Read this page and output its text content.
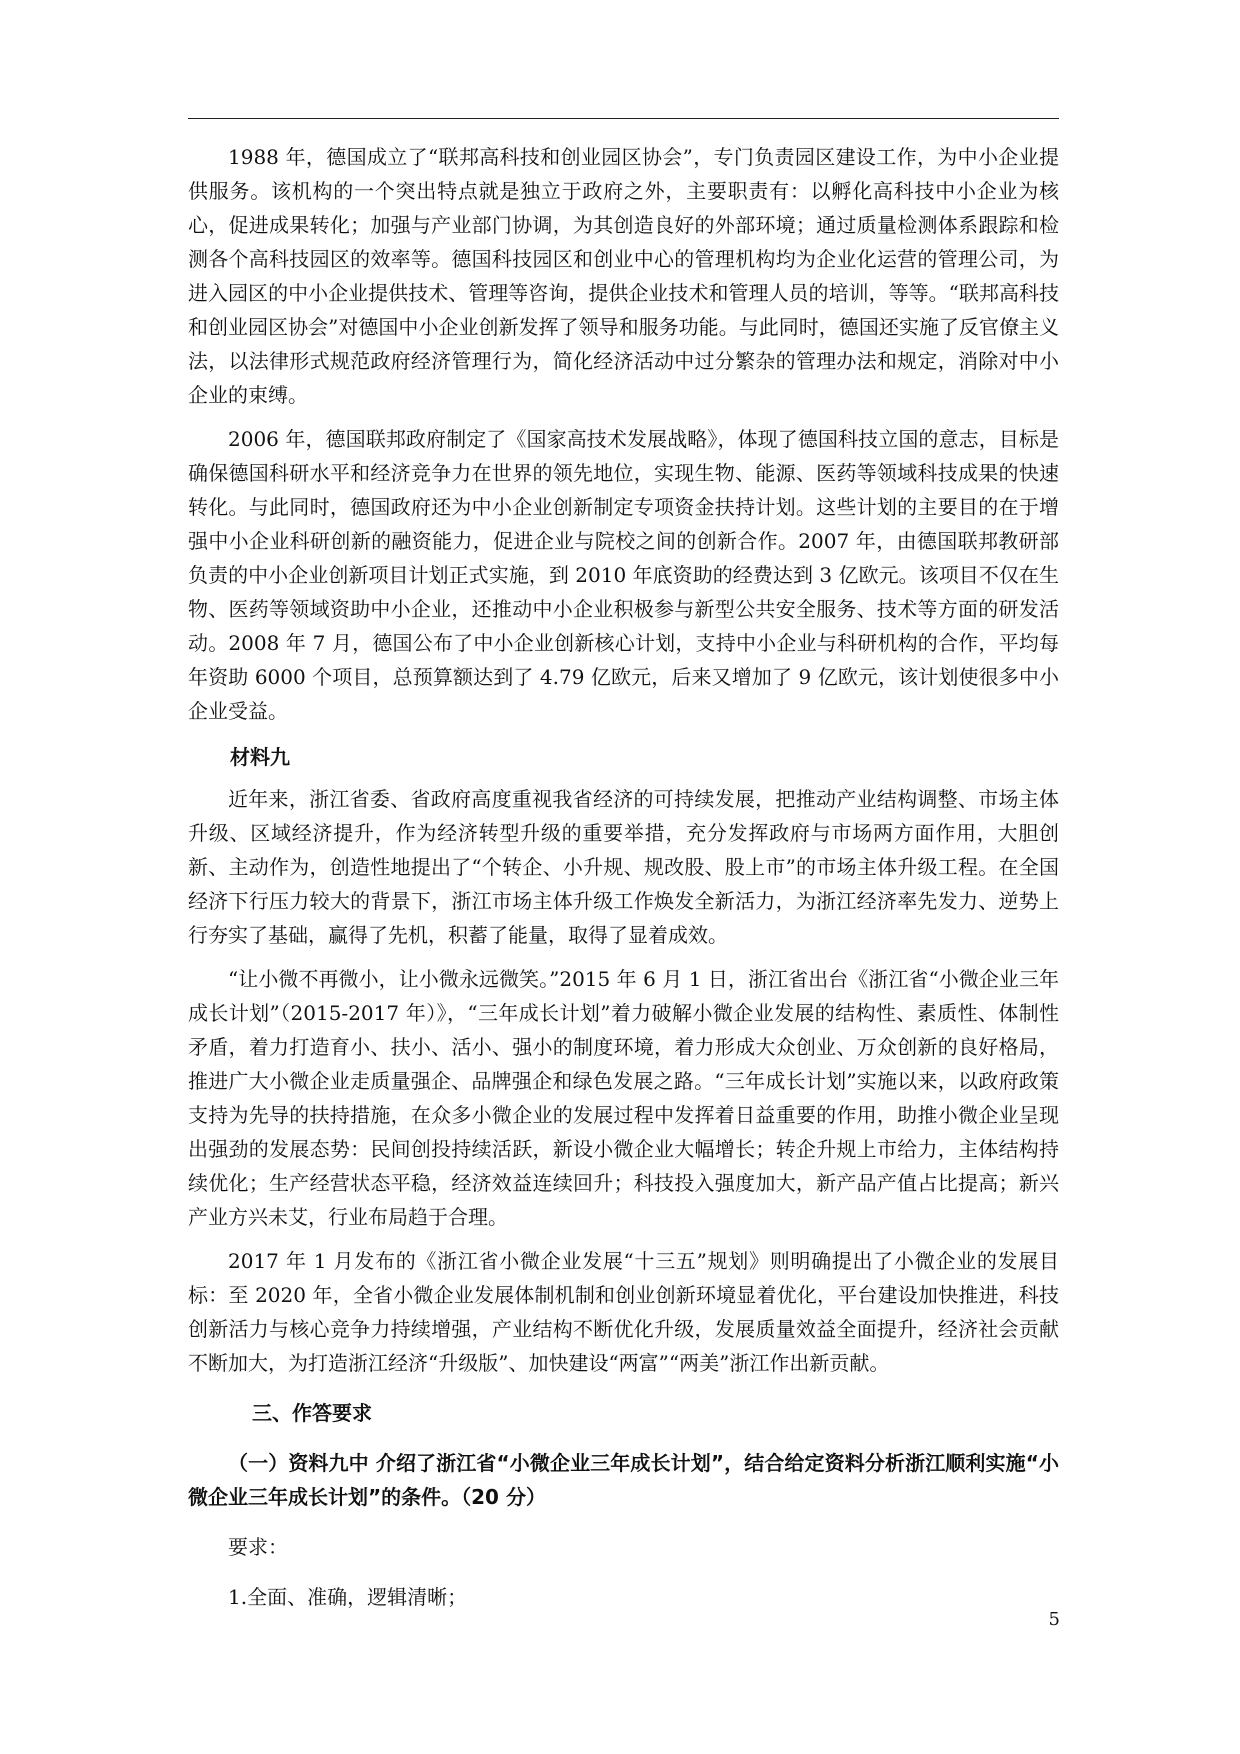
1988 年，德国成立了“联邦高科技和创业园区协会”，专门负责园区建设工作，为中小企业提供服务。该机构的一个突出特点就是独立于政府之外，主要职责有：以孵化高科技中小企业为核心，促进成果转化；加强与产业部门协调，为其创造良好的外部环境；通过质量检测体系跟踪和检测各个高科技园区的效率等。德国科技园区和创业中心的管理机构均为企业化运营的管理公司，为进入园区的中小企业提供技术、管理等咨询，提供企业技术和管理人员的培训，等等。“联邦高科技和创业园区协会”对德国中小企业创新发挥了领导和服务功能。与此同时，德国还实施了反官僚主义法，以法律形式规范政府经济管理行为，简化经济活动中过分繁杂的管理办法和规定，消除对中小企业的束缚。

2006 年，德国联邦政府制定了《国家高技术发展战略》，体现了德国科技立国的意志，目标是确保德国科研水平和经济竞争力在世界的领先地位，实现生物、能源、医药等领域科技成果的快速转化。与此同时，德国政府还为中小企业创新制定专项资金扶持计划。这些计划的主要目的在于增强中小企业科研创新的融资能力，促进企业与院校之间的创新合作。2007 年，由德国联邦教研部负责的中小企业创新项目计划正式实施，到 2010 年底资助的经费达到 3 亿欧元。该项目不仅在生物、医药等领域资助中小企业，还推动中小企业积极参与新型公共安全服务、技术等方面的研发活动。2008 年 7 月，德国公布了中小企业创新核心计划，支持中小企业与科研机构的合作，平均每年资助 6000 个项目，总预算额达到了 4.79 亿欧元，后来又增加了 9 亿欧元，该计划使很多中小企业受益。

材料九

近年来，浙江省委、省政府高度重视我省经济的可持续发展，把推动产业结构调整、市场主体升级、区域经济提升，作为经济转型升级的重要举措，充分发挥政府与市场两方面作用，大胆创新、主动作为，创造性地提出了“个转企、小升规、规改股、股上市”的市场主体升级工程。在全国经济下行压力较大的背景下，浙江市场主体升级工作焕发全新活力，为浙江经济率先发力、逆势上行夯实了基础，赢得了先机，积蓄了能量，取得了显着成效。

“让小微不再微小，让小微永远微笑。”2015 年 6 月 1 日，浙江省出台《浙江省“小微企业三年成长计划”（2015-2017 年）》，“三年成长计划”着力破解小微企业发展的结构性、素质性、体制性矛盾，着力打造育小、扶小、活小、强小的制度环境，着力形成大众创业、万众创新的良好格局，推进广大小微企业走质量强企、品牌强企和绿色发展之路。“三年成长计划”实施以来，以政府政策支持为先导的扶持措施，在众多小微企业的发展过程中发挥着日益重要的作用，助推小微企业呈现出强劲的发展态势：民间创投持续活跃，新设小微企业大幅增长；转企升规上市给力，主体结构持续优化；生产经营状态平稳，经济效益连续回升；科技投入强度加大，新产品产值占比提高；新兴产业方兴未艾，行业布局趋于合理。

2017 年 1 月发布的《浙江省小微企业发展“十三五”规划》则明确提出了小微企业的发展目标：至 2020 年，全省小微企业发展体制机制和创业创新环境显着优化，平台建设加快推进，科技创新活力与核心竞争力持续增强，产业结构不断优化升级，发展质量效益全面提升，经济社会贡献不断加大，为打造浙江经济“升级版”、加快建设“两富”“两美”浙江作出新贡献。

三、作答要求

（一）资料九中 介绍了浙江省“小微企业三年成长计划”，结合给定资料分析浙江顺利实施“小微企业三年成长计划”的条件。（20 分）

要求：

1.全面、准确，逻辑清晰；

5
